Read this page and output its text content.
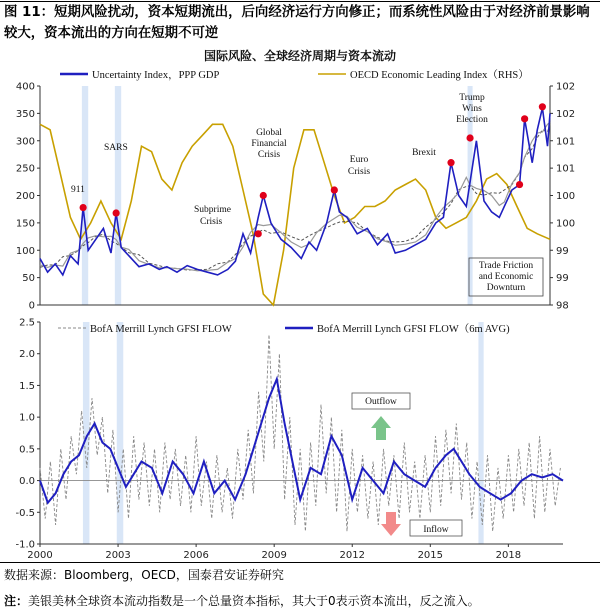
图 11：短期风险扰动，资本短期流出，后向经济运行方向修正；而系统性风险由于对经济前景影响较大，资本流出的方向在短期不可逆
国际风险、全球经济周期与资本流动
0
50
100
150
200
250
300
350
400
98
99
99
100
100
101
101
102
102
Uncertainty Index，PPP GDP	OECD Economic Leading Index（RHS）
911
SARS
Subprime
Crisis
Global
Financial
Crisis	Euro
Crisis
Brexit
Trump
Wins
Election
Trade Friction
and Economic
Downturn
-1.0
-0.5
0.0
0.5
1.0
1.5
2.0
2.5
2000	2003	2006	2009	2012	2015	2018
BofA Merrill Lynch GFSI FLOW	BofA Merrill Lynch GFSI FLOW（6m AVG)
Outflow
Inflow
数据来源：Bloomberg，OECD，国泰君安证券研究
注：美银美林全球资本流动指数是一个总量资本指标，其大于0表示资本流出，反之流入。
